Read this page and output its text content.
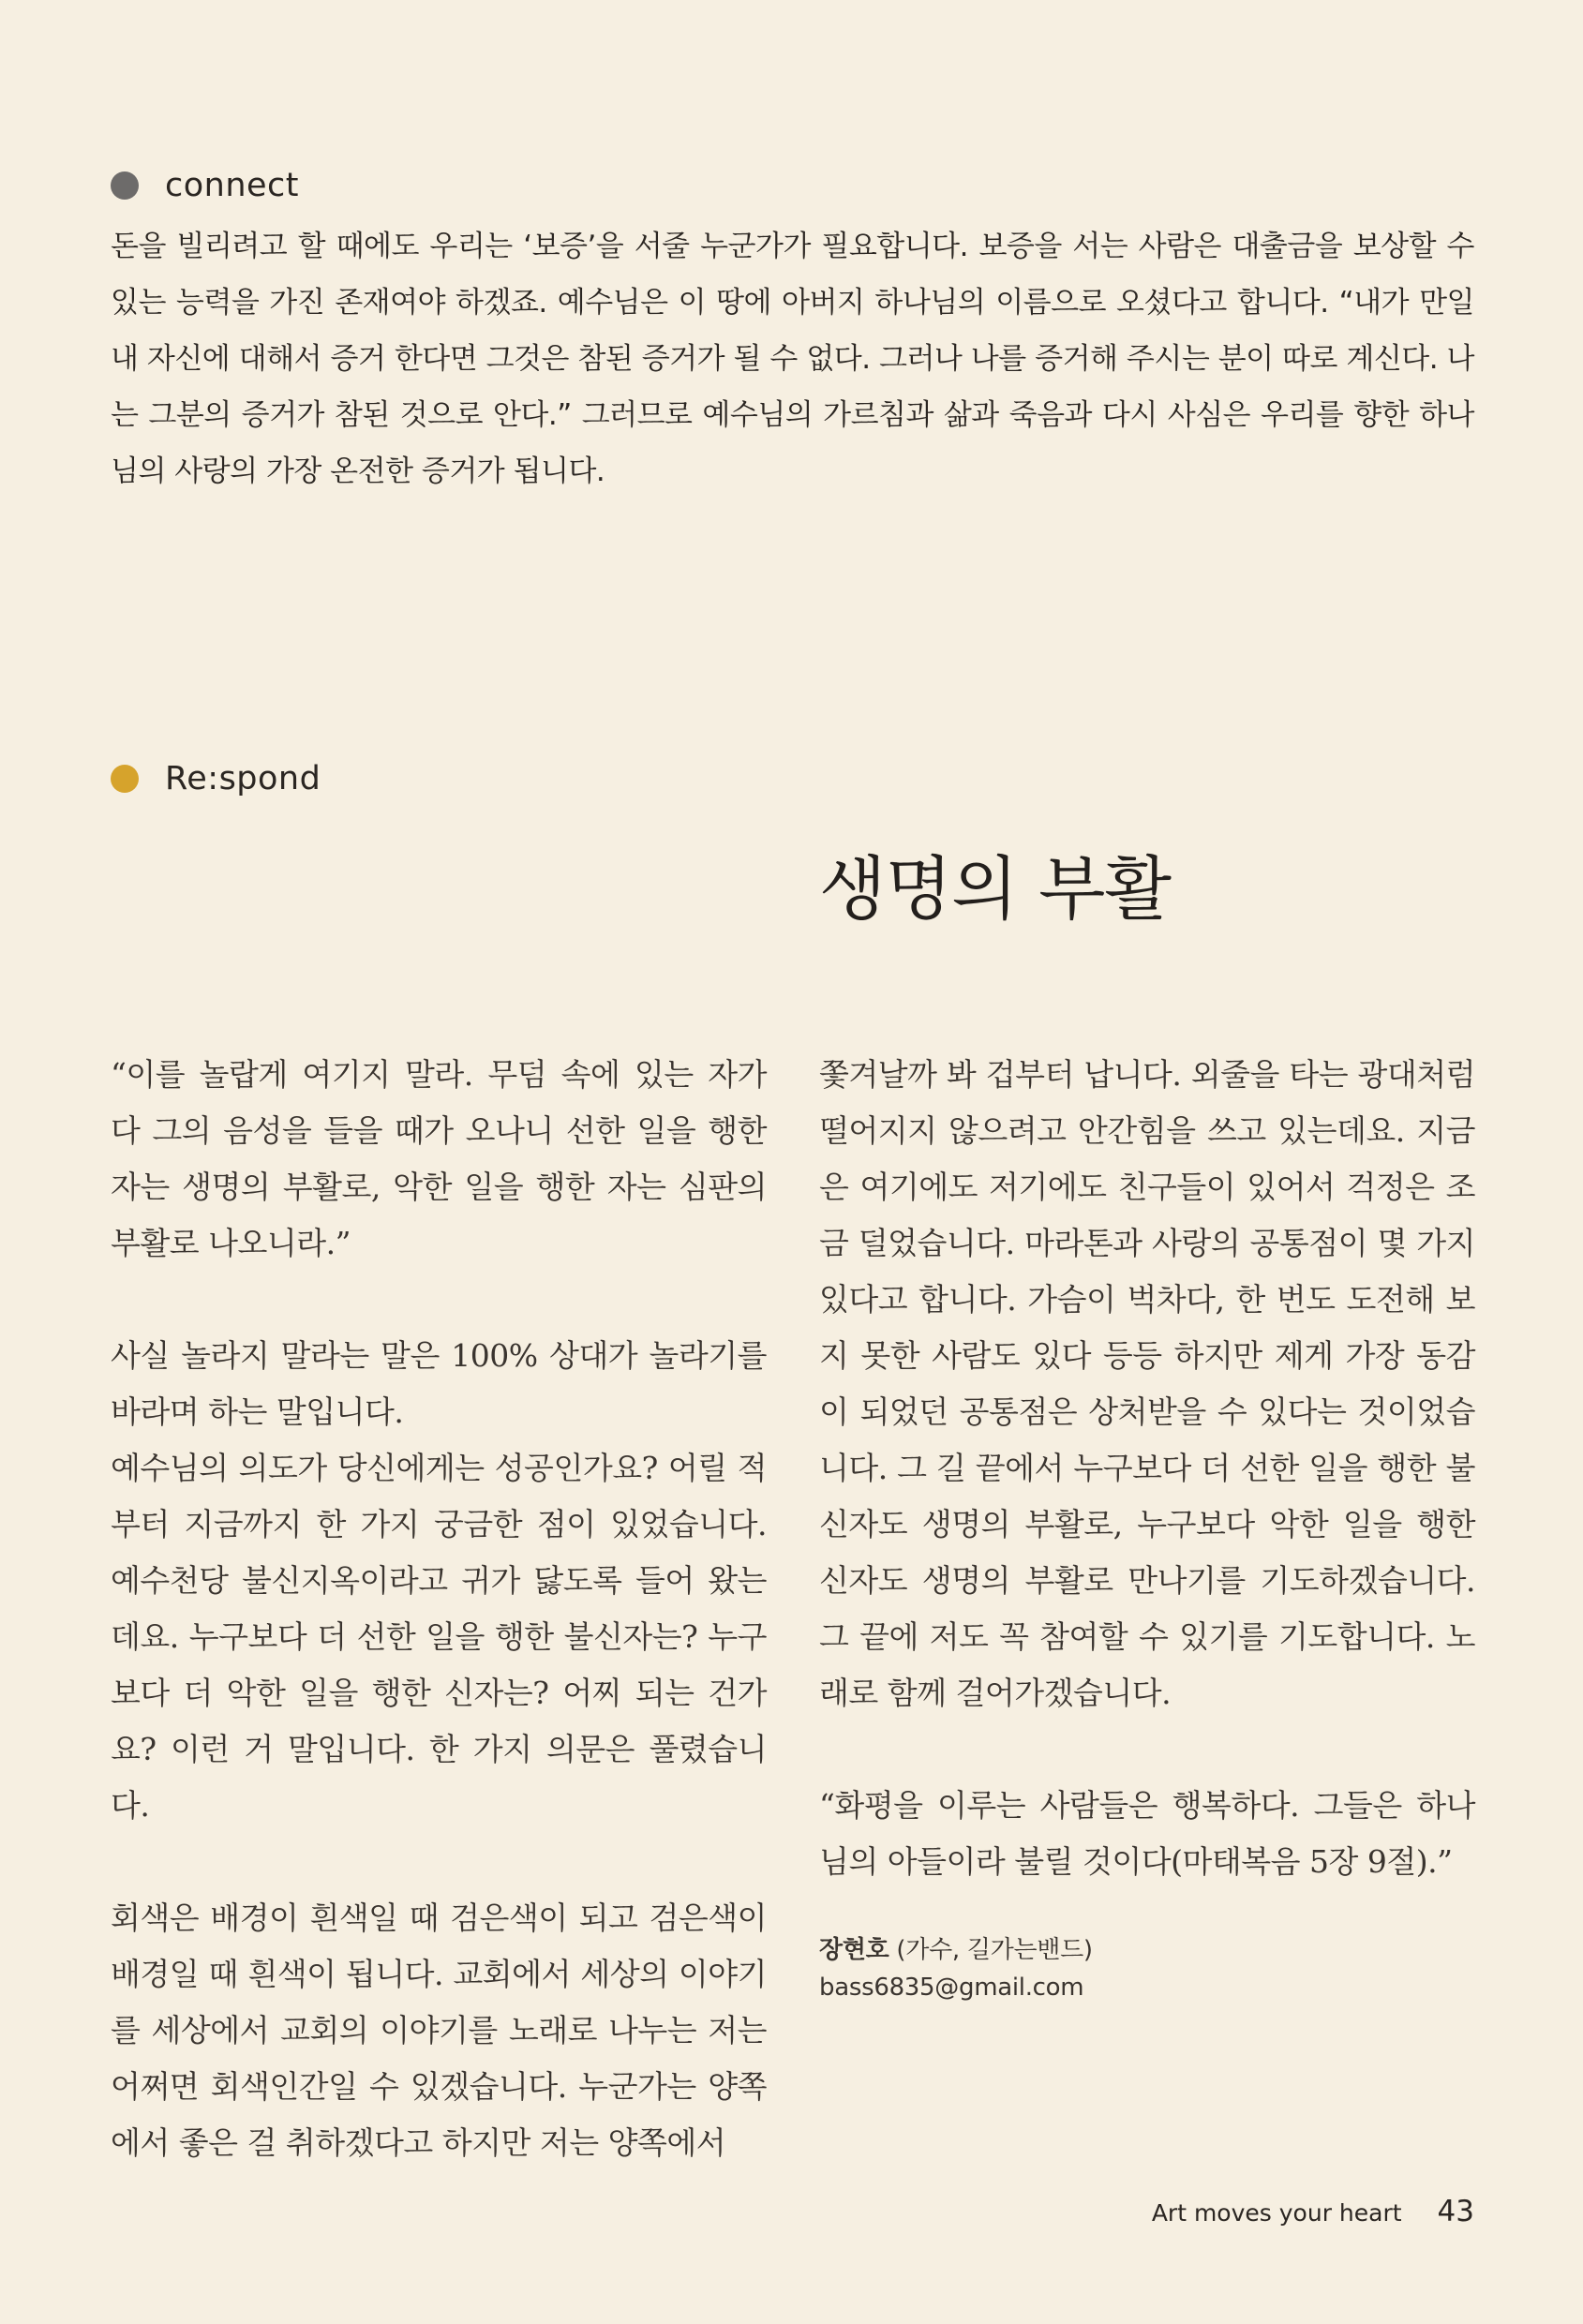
connect

돈을 빌리려고 할 때에도 우리는 ‘보증’을 서줄 누군가가 필요합니다. 보증을 서는 사람은 대출금을 보상할 수 있는 능력을 가진 존재여야 하겠죠. 예수님은 이 땅에 아버지 하나님의 이름으로 오셨다고 합니다. “내가 만일 내 자신에 대해서 증거 한다면 그것은 참된 증거가 될 수 없다. 그러나 나를 증거해 주시는 분이 따로 계신다. 나는 그분의 증거가 참된 것으로 안다.” 그러므로 예수님의 가르침과 삶과 죽음과 다시 사심은 우리를 향한 하나님의 사랑의 가장 온전한 증거가 됩니다.

Re:spond
생명의 부활

“이를 놀랍게 여기지 말라. 무덤 속에 있는 자가 다 그의 음성을 들을 때가 오나니 선한 일을 행한 자는 생명의 부활로, 악한 일을 행한 자는 심판의 부활로 나오니라.”

사실 놀라지 말라는 말은 100% 상대가 놀라기를 바라며 하는 말입니다.

예수님의 의도가 당신에게는 성공인가요? 어릴 적부터 지금까지 한 가지 궁금한 점이 있었습니다. 예수천당 불신지옥이라고 귀가 닳도록 들어 왔는데요. 누구보다 더 선한 일을 행한 불신자는? 누구보다 더 악한 일을 행한 신자는? 어찌 되는 건가요? 이런 거 말입니다. 한 가지 의문은 풀렸습니다.

회색은 배경이 흰색일 때 검은색이 되고 검은색이 배경일 때 흰색이 됩니다. 교회에서 세상의 이야기를 세상에서 교회의 이야기를 노래로 나누는 저는 어쩌면 회색인간일 수 있겠습니다. 누군가는 양쪽에서 좋은 걸 취하겠다고 하지만 저는 양쪽에서

쫓겨날까 봐 겁부터 납니다. 외줄을 타는 광대처럼 떨어지지 않으려고 안간힘을 쓰고 있는데요. 지금은 여기에도 저기에도 친구들이 있어서 걱정은 조금 덜었습니다. 마라톤과 사랑의 공통점이 몇 가지 있다고 합니다. 가슴이 벅차다, 한 번도 도전해 보지 못한 사람도 있다 등등 하지만 제게 가장 동감이 되었던 공통점은 상처받을 수 있다는 것이었습니다. 그 길 끝에서 누구보다 더 선한 일을 행한 불신자도 생명의 부활로, 누구보다 악한 일을 행한 신자도 생명의 부활로 만나기를 기도하겠습니다. 그 끝에 저도 꼭 참여할 수 있기를 기도합니다. 노래로 함께 걸어가겠습니다.

“화평을 이루는 사람들은 행복하다. 그들은 하나님의 아들이라 불릴 것이다(마태복음 5장 9절).”

장현호 (가수, 길가는밴드)
bass6835@gmail.com
Art moves your heart 43
